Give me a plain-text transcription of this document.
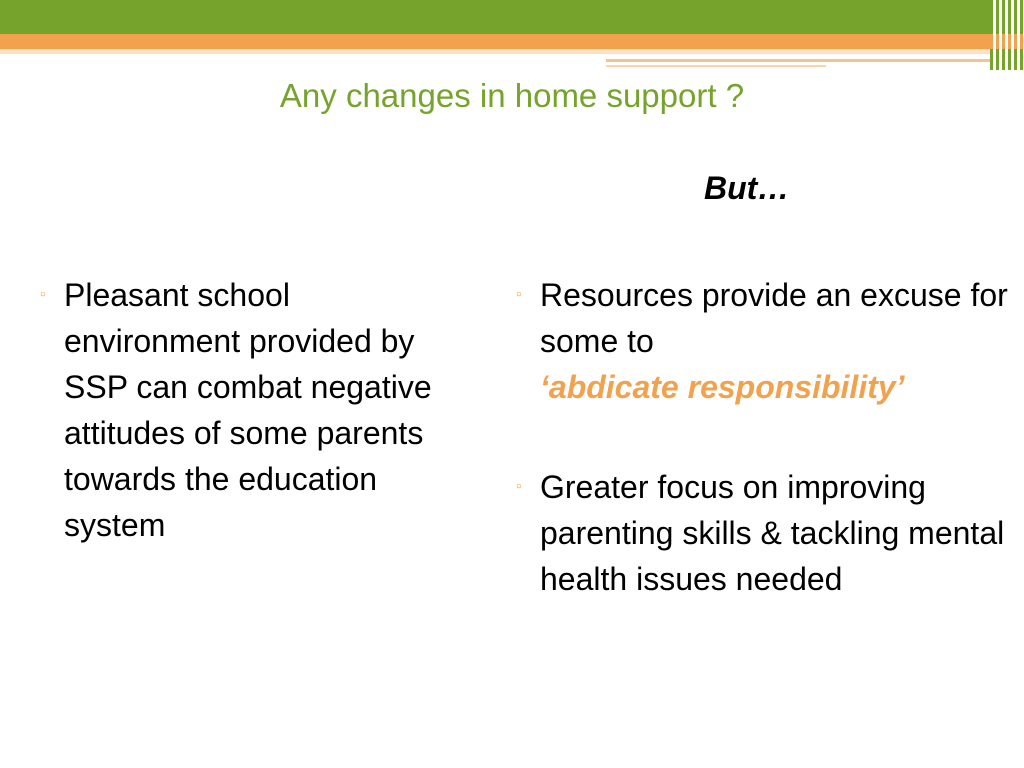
Any changes in home support ?
But…
▫ Pleasant school environment provided by SSP can combat negative attitudes of some parents towards the education system
▫ Resources provide an excuse for some to ‘abdicate responsibility’
▫ Greater focus on improving parenting skills & tackling mental health issues needed
